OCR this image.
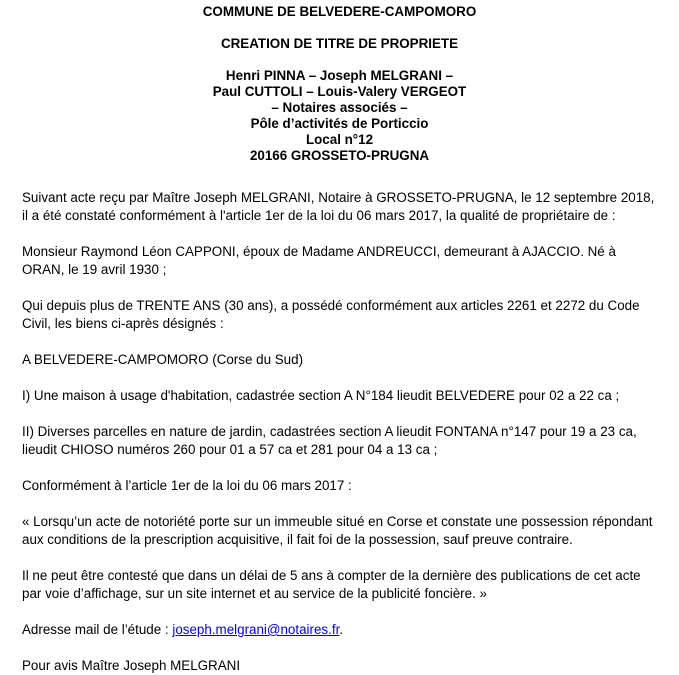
COMMUNE DE BELVEDERE-CAMPOMORO
CREATION DE TITRE DE PROPRIETE
Henri PINNA – Joseph MELGRANI –
Paul CUTTOLI – Louis-Valery VERGEOT
– Notaires associés –
Pôle d’activités de Porticcio
Local n°12
20166 GROSSETO-PRUGNA

Suivant acte reçu par Maître Joseph MELGRANI, Notaire à GROSSETO-PRUGNA, le 12 septembre 2018, il a été constaté conformément à l'article 1er de la loi du 06 mars 2017, la qualité de propriétaire de :

Monsieur Raymond Léon CAPPONI, époux de Madame ANDREUCCI, demeurant à AJACCIO. Né à ORAN, le 19 avril 1930 ;

Qui depuis plus de TRENTE ANS (30 ans), a possédé conformément aux articles 2261 et 2272 du Code Civil, les biens ci-après désignés :

A BELVEDERE-CAMPOMORO (Corse du Sud)

I) Une maison à usage d'habitation, cadastrée section A N°184 lieudit BELVEDERE pour 02 a 22 ca ;

II) Diverses parcelles en nature de jardin, cadastrées section A lieudit FONTANA n°147 pour 19 a 23 ca, lieudit CHIOSO numéros 260 pour 01 a 57 ca et 281 pour 04 a 13 ca ;

Conformément à l’article 1er de la loi du 06 mars 2017 :

« Lorsqu’un acte de notoriété porte sur un immeuble situé en Corse et constate une possession répondant aux conditions de la prescription acquisitive, il fait foi de la possession, sauf preuve contraire.

Il ne peut être contesté que dans un délai de 5 ans à compter de la dernière des publications de cet acte par voie d’affichage, sur un site internet et au service de la publicité foncière. »

Adresse mail de l’étude : joseph.melgrani@notaires.fr.

Pour avis Maître Joseph MELGRANI
